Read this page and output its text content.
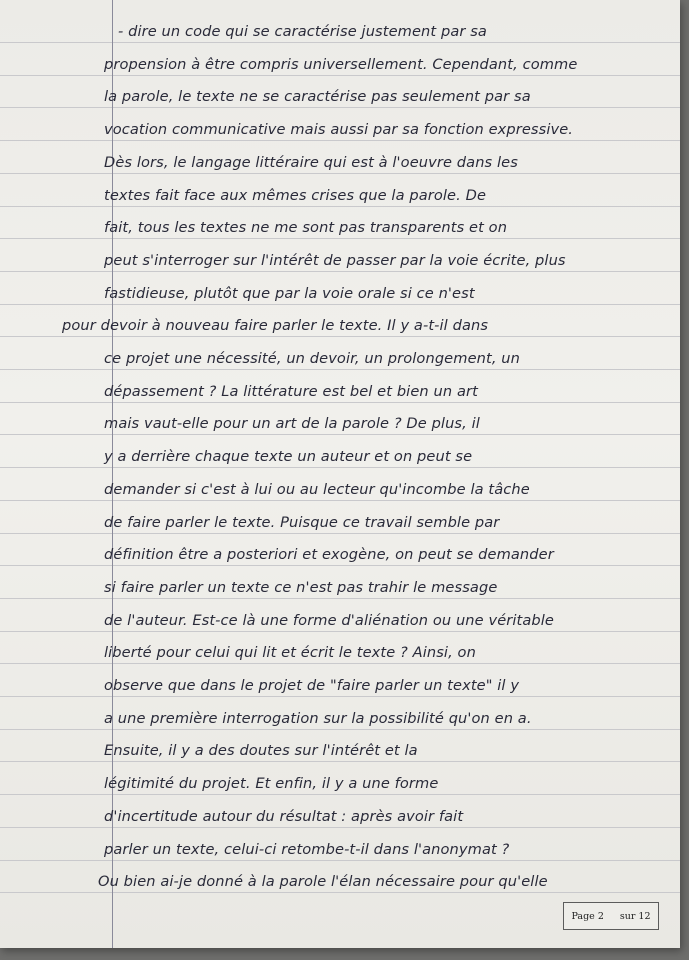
- dire un code qui se caractérise justement par sa
propension à être compris universellement. Cependant, comme
la parole, le texte ne se caractérise pas seulement par sa
vocation communicative mais aussi par sa fonction expressive.
Dès lors, le langage littéraire qui est à l'oeuvre dans les
textes fait face aux mêmes crises que la parole. De
fait, tous les textes ne me sont pas transparents et on
peut s'interroger sur l'intérêt de passer par la voie écrite, plus
fastidieuse, plutôt que par la voie orale si ce n'est
pour devoir à nouveau faire parler le texte. Il y a-t-il dans
ce projet une nécessité, un devoir, un prolongement, un
dépassement ? La littérature est bel et bien un art
mais vaut-elle pour un art de la parole ? De plus, il
y a derrière chaque texte un auteur et on peut se
demander si c'est à lui ou au lecteur qu'incombe la tâche
de faire parler le texte. Puisque ce travail semble par
définition être a posteriori et exogène, on peut se demander
si faire parler un texte ce n'est pas trahir le message
de l'auteur. Est-ce là une forme d'aliénation ou une véritable
liberté pour celui qui lit et écrit le texte ? Ainsi, on
observe que dans le projet de "faire parler un texte" il y
a une première interrogation sur la possibilité qu'on en a.
Ensuite, il y a des doutes sur l'intérêt et la
légitimité du projet. Et enfin, il y a une forme
d'incertitude autour du résultat : après avoir fait
parler un texte, celui-ci retombe-t-il dans l'anonymat ?
Ou bien ai-je donné à la parole l'élan nécessaire pour qu'elle
Page 2 sur 12
